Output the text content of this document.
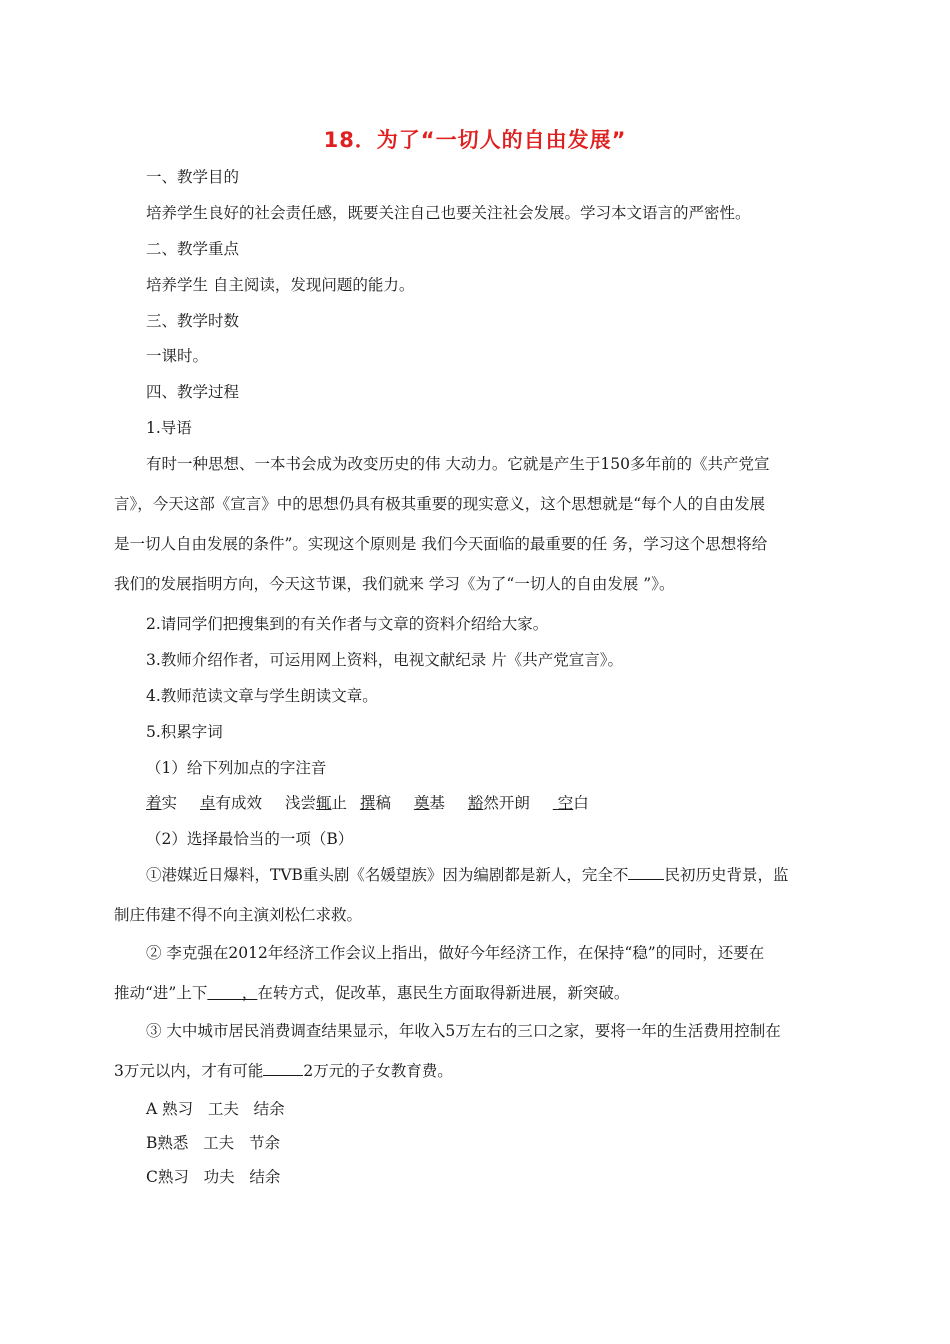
18．为了“一切人的自由发展”
一、教学目的
培养学生良好的社会责任感，既要关注自己也要关注社会发展。学习本文语言的严密性。
二、教学重点
培养学生 自主阅读，发现问题的能力。
三、教学时数
一课时。
四、教学过程
1.导语
有时一种思想、一本书会成为改变历史的伟 大动力。它就是产生于150多年前的《共产党宣
言》，今天这部《宣言》中的思想仍具有极其重要的现实意义，这个思想就是“每个人的自由发展
是一切人自由发展的条件”。实现这个原则是 我们今天面临的最重要的任 务，学习这个思想将给
我们的发展指明方向，今天这节课，我们就来 学习《为了“一切人的自由发展 ”》。
2.请同学们把搜集到的有关作者与文章的资料介绍给大家。
3.教师介绍作者，可运用网上资料，电视文献纪录 片《共产党宣言》。
4.教师范读文章与学生朗读文章。
5.积累字词
（1）给下列加点的字注音
着实 卓有成效 浅尝辄止 撰稿 奠基 豁然开朗 空白
（2）选择最恰当的一项（B）
①港媒近日爆料，TVB重头剧《名媛望族》因为编剧都是新人，完全不 民初历史背景，监
制庄伟建不得不向主演刘松仁求救。
② 李克强在2012年经济工作会议上指出，做好今年经济工作，在保持“稳”的同时，还要在
推动“进”上下 ，在转方式，促改革，惠民生方面取得新进展，新突破。
③ 大中城市居民消费调查结果显示，年收入5万左右的三口之家，要将一年的生活费用控制在
3万元以内，才有可能	2万元的子女教育费。
A 熟习   工夫   结余
B熟悉   工夫   节余
C熟习   功夫   结余
